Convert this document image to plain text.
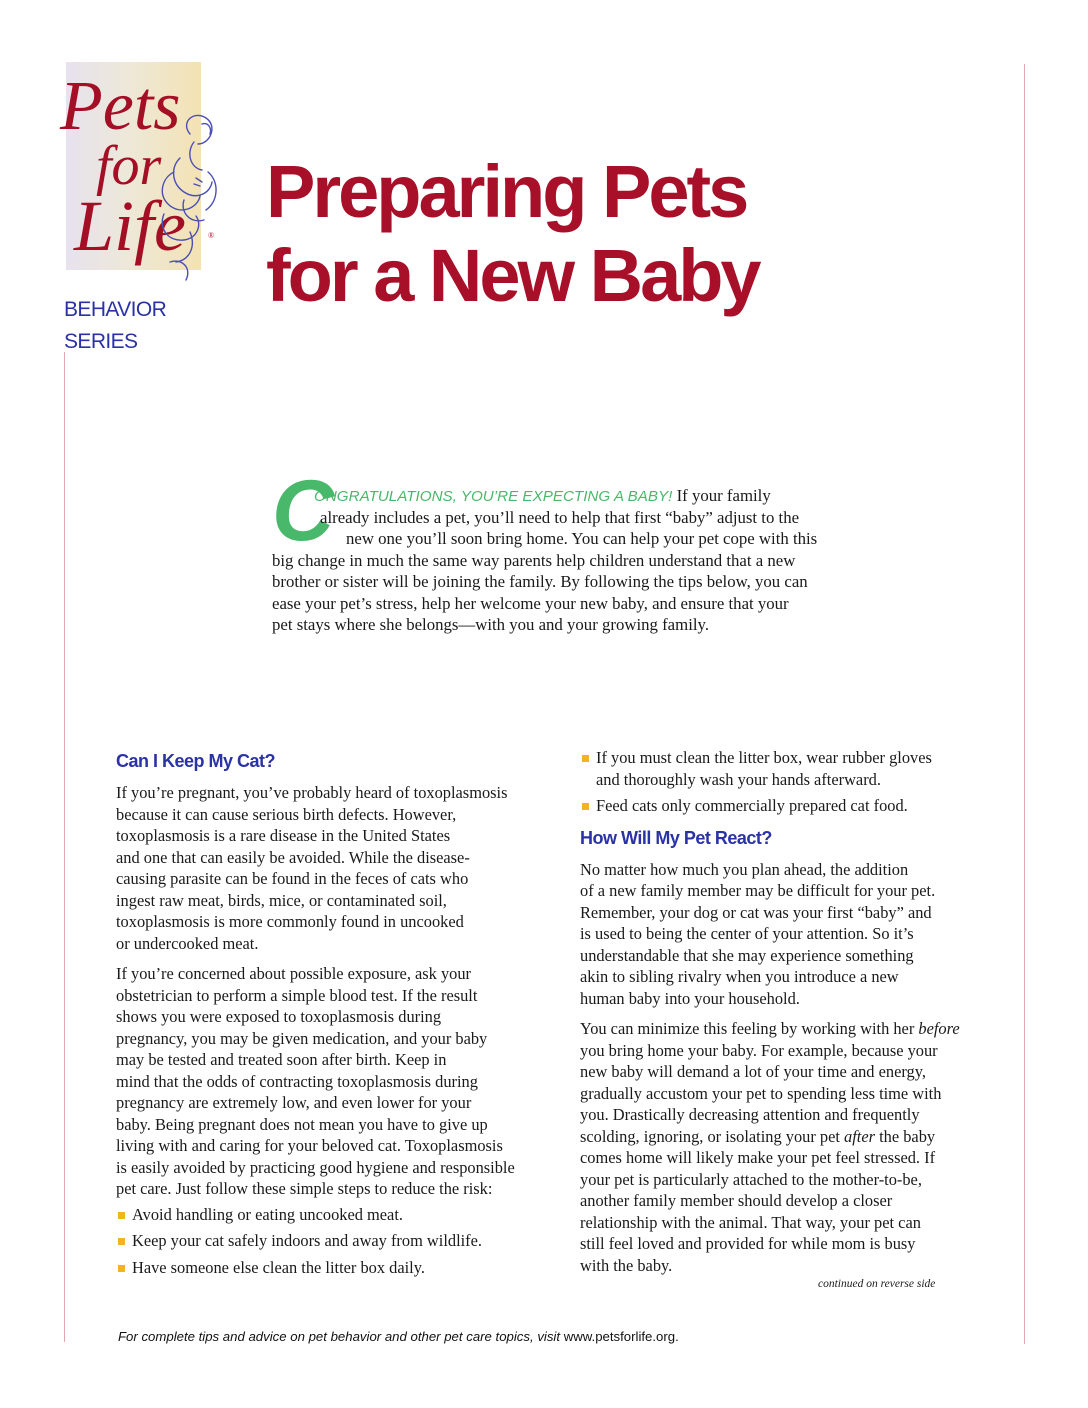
Pets
for
Life	®
BEHAVIOR
SERIES
Preparing Pets
for a New Baby
C
ONGRATULATIONS, YOU’RE EXPECTING A BABY! If your family
already includes a pet, you’ll need to help that first “baby” adjust to the
new one you’ll soon bring home. You can help your pet cope with this
big change in much the same way parents help children understand that a new
brother or sister will be joining the family. By following the tips below, you can
ease your pet’s stress, help her welcome your new baby, and ensure that your
pet stays where she belongs—with you and your growing family.
Can I Keep My Cat?
If you’re pregnant, you’ve probably heard of toxoplasmosis
because it can cause serious birth defects. However,
toxoplasmosis is a rare disease in the United States
and one that can easily be avoided. While the disease-
causing parasite can be found in the feces of cats who
ingest raw meat, birds, mice, or contaminated soil,
toxoplasmosis is more commonly found in uncooked
or undercooked meat.
If you’re concerned about possible exposure, ask your
obstetrician to perform a simple blood test. If the result
shows you were exposed to toxoplasmosis during
pregnancy, you may be given medication, and your baby
may be tested and treated soon after birth. Keep in
mind that the odds of contracting toxoplasmosis during
pregnancy are extremely low, and even lower for your
baby. Being pregnant does not mean you have to give up
living with and caring for your beloved cat. Toxoplasmosis
is easily avoided by practicing good hygiene and responsible
pet care. Just follow these simple steps to reduce the risk:
Avoid handling or eating uncooked meat.
Keep your cat safely indoors and away from wildlife.
Have someone else clean the litter box daily.
If you must clean the litter box, wear rubber gloves
and thoroughly wash your hands afterward.
Feed cats only commercially prepared cat food.
How Will My Pet React?
No matter how much you plan ahead, the addition
of a new family member may be difficult for your pet.
Remember, your dog or cat was your first “baby” and
is used to being the center of your attention. So it’s
understandable that she may experience something
akin to sibling rivalry when you introduce a new
human baby into your household.
You can minimize this feeling by working with her before
you bring home your baby. For example, because your
new baby will demand a lot of your time and energy,
gradually accustom your pet to spending less time with
you. Drastically decreasing attention and frequently
scolding, ignoring, or isolating your pet after the baby
comes home will likely make your pet feel stressed. If
your pet is particularly attached to the mother-to-be,
another family member should develop a closer
relationship with the animal. That way, your pet can
still feel loved and provided for while mom is busy
with the baby.
continued on reverse side
For complete tips and advice on pet behavior and other pet care topics, visit www.petsforlife.org.
